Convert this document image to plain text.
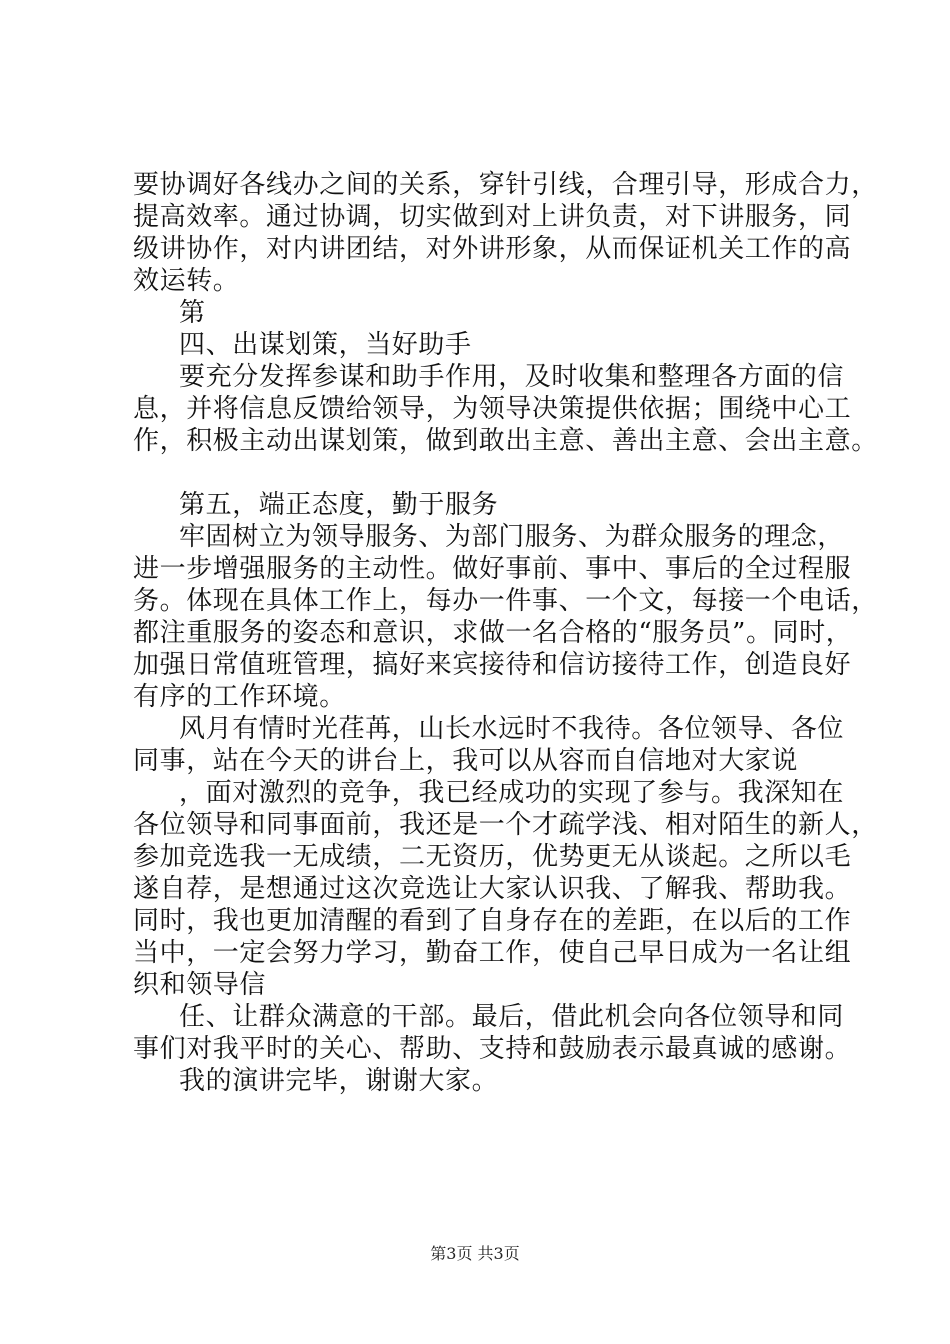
要协调好各线办之间的关系，穿针引线，合理引导，形成合力，
提高效率。通过协调，切实做到对上讲负责，对下讲服务，同
级讲协作，对内讲团结，对外讲形象，从而保证机关工作的高
效运转。
第
四、出谋划策，当好助手
要充分发挥参谋和助手作用，及时收集和整理各方面的信
息，并将信息反馈给领导，为领导决策提供依据；围绕中心工
作，积极主动出谋划策，做到敢出主意、善出主意、会出主意。
第五，端正态度，勤于服务
牢固树立为领导服务、为部门服务、为群众服务的理念，
进一步增强服务的主动性。做好事前、事中、事后的全过程服
务。体现在具体工作上，每办一件事、一个文，每接一个电话，
都注重服务的姿态和意识，求做一名合格的“服务员”。同时，
加强日常值班管理，搞好来宾接待和信访接待工作，创造良好
有序的工作环境。
风月有情时光荏苒，山长水远时不我待。各位领导、各位
同事，站在今天的讲台上，我可以从容而自信地对大家说
，面对激烈的竞争，我已经成功的实现了参与。我深知在
各位领导和同事面前，我还是一个才疏学浅、相对陌生的新人，
参加竞选我一无成绩，二无资历，优势更无从谈起。之所以毛
遂自荐，是想通过这次竞选让大家认识我、了解我、帮助我。
同时，我也更加清醒的看到了自身存在的差距，在以后的工作
当中，一定会努力学习，勤奋工作，使自己早日成为一名让组
织和领导信
任、让群众满意的干部。最后，借此机会向各位领导和同
事们对我平时的关心、帮助、支持和鼓励表示最真诚的感谢。
我的演讲完毕，谢谢大家。
第3页 共3页
